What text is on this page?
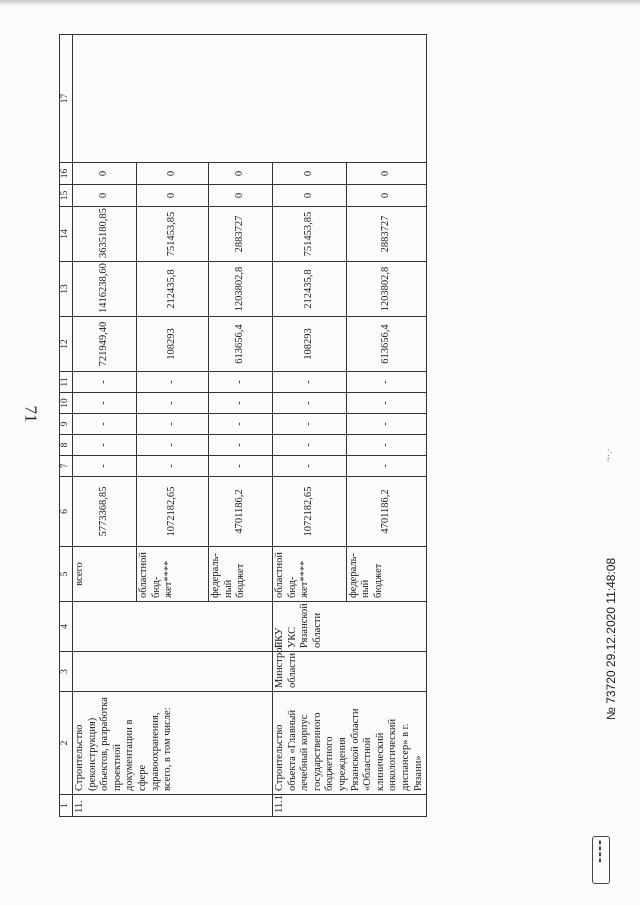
71
1	2	3	4	5	6	7	8	9	10	11	12	13	14	15	16	17
11.	Строительство (реконструкция) объектов, разработка проектной документации в сфере здравоохранения, всего, в том числе:			всего	5773368,85	-	-	-	-	-	721949,40	1416238,60	3635180,85	0	0	
				областной бюд-жет****	1072182,65	-	-	-	-	-	108293	212435,8	751453,85	0	0	
				федераль-ный бюджет	4701186,2	-	-	-	-	-	613656,4	1203802,8	2883727	0	0	
11.1	Строительство объекта «Главный лечебный корпус государственного бюджетного учреждения Рязанской области «Областной клинический онкологический диспансер» в г. Рязани»	Минстрой области	ГКУ УКС Рязанской области	областной бюд-жет****	1072182,65	-	-	-	-	-	108293	212435,8	751453,85	0	0	
				федераль-ный бюджет	4701186,2	-	-	-	-	-	613656,4	1203802,8	2883727	0	0	
~·.·
№ 73720 29.12.2020 11:48:08
▮▮▮▮
